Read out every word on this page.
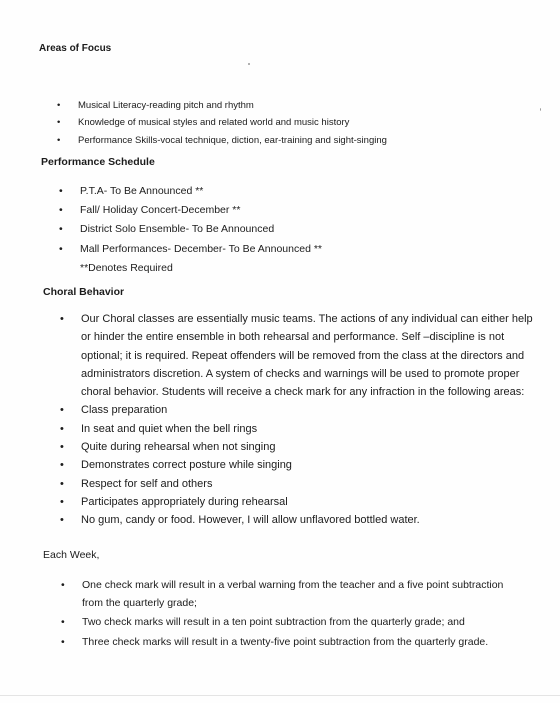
Areas of Focus
• Musical Literacy-reading pitch and rhythm
• Knowledge of musical styles and related world and music history
• Performance Skills-vocal technique, diction, ear-training and sight-singing
Performance Schedule
• P.T.A- To Be Announced **
• Fall/ Holiday Concert-December **
• District Solo Ensemble- To Be Announced
• Mall Performances- December- To Be Announced **
**Denotes Required
Choral Behavior
• Our Choral classes are essentially music teams. The actions of any individual can either help or hinder the entire ensemble in both rehearsal and performance. Self –discipline is not optional; it is required. Repeat offenders will be removed from the class at the directors and administrators discretion. A system of checks and warnings will be used to promote proper choral behavior. Students will receive a check mark for any infraction in the following areas:
• Class preparation
• In seat and quiet when the bell rings
• Quite during rehearsal when not singing
• Demonstrates correct posture while singing
• Respect for self and others
• Participates appropriately during rehearsal
• No gum, candy or food. However, I will allow unflavored bottled water.
Each Week,
• One check mark will result in a verbal warning from the teacher and a five point subtraction from the quarterly grade;
• Two check marks will result in a ten point subtraction from the quarterly grade; and
• Three check marks will result in a twenty-five point subtraction from the quarterly grade.
